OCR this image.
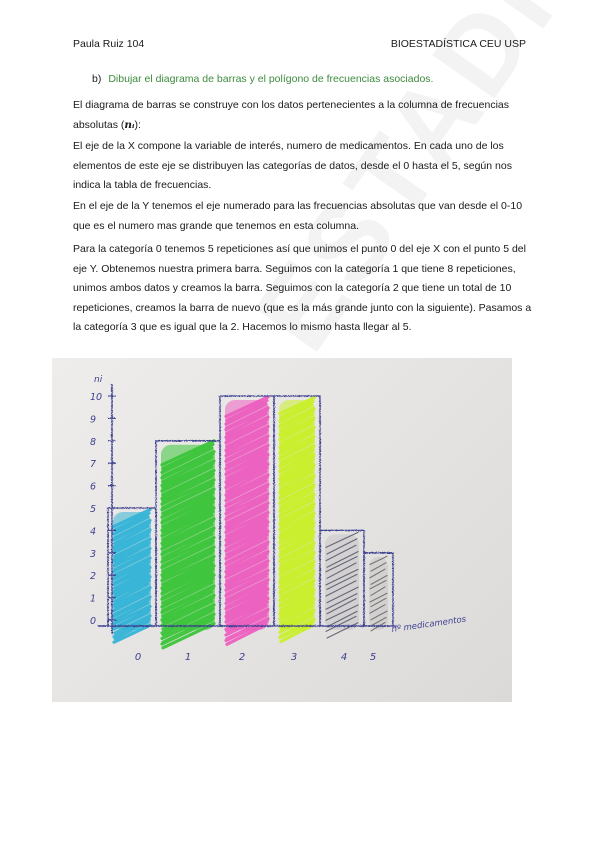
Paula Ruiz 104	BIOESTADÍSTICA CEU USP
b) Dibujar el diagrama de barras y el polígono de frecuencias asociados.
El diagrama de barras se construye con los datos pertenecientes a la columna de frecuencias absolutas (nᵢ):
El eje de la X compone la variable de interés, numero de medicamentos. En cada uno de los elementos de este eje se distribuyen las categorías de datos, desde el 0 hasta el 5, según nos indica la tabla de frecuencias.
En el eje de la Y tenemos el eje numerado para las frecuencias absolutas que van desde el 0-10 que es el numero mas grande que tenemos en esta columna.
Para la categoría 0 tenemos 5 repeticiones así que unimos el punto 0 del eje X con el punto 5 del eje Y. Obtenemos nuestra primera barra. Seguimos con la categoría 1 que tiene 8 repeticiones, unimos ambos datos y creamos la barra. Seguimos con la categoría 2 que tiene un total de 10 repeticiones, creamos la barra de nuevo (que es la más grande junto con la siguiente). Pasamos a la categoría 3 que es igual que la 2. Hacemos lo mismo hasta llegar al 5.
0
1
2
3
4
5
6
7
8
9
10
0	1	2	3	4 5
ni
nº medicamentos
